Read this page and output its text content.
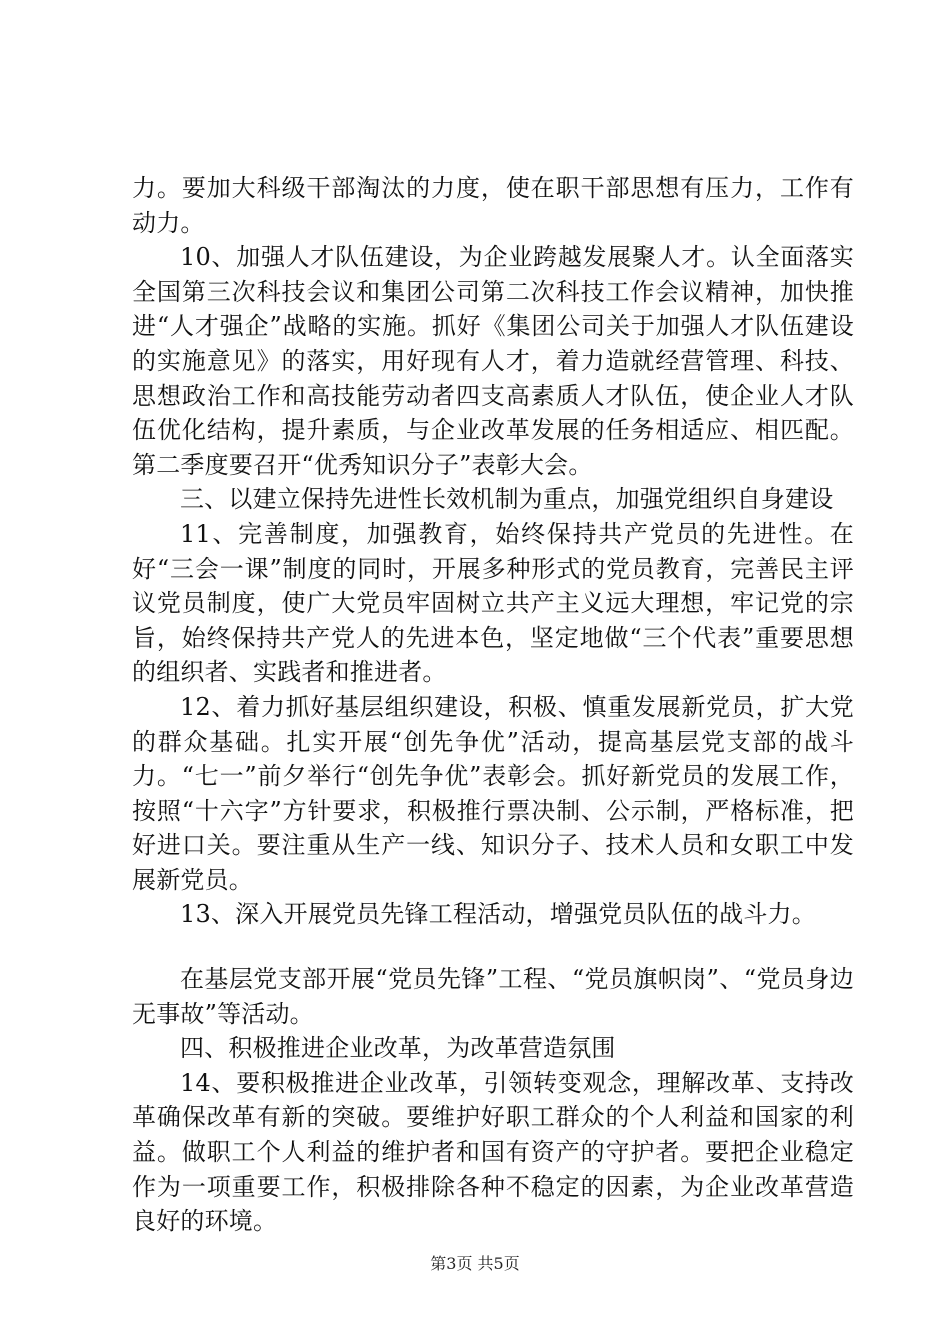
力。要加大科级干部淘汰的力度，使在职干部思想有压力，工作有动力。

10、加强人才队伍建设，为企业跨越发展聚人才。认全面落实全国第三次科技会议和集团公司第二次科技工作会议精神，加快推进“人才强企”战略的实施。抓好《集团公司关于加强人才队伍建设的实施意见》的落实，用好现有人才，着力造就经营管理、科技、思想政治工作和高技能劳动者四支高素质人才队伍，使企业人才队伍优化结构，提升素质，与企业改革发展的任务相适应、相匹配。第二季度要召开“优秀知识分子”表彰大会。

三、以建立保持先进性长效机制为重点，加强党组织自身建设

11、完善制度，加强教育，始终保持共产党员的先进性。在好“三会一课”制度的同时，开展多种形式的党员教育，完善民主评议党员制度，使广大党员牢固树立共产主义远大理想，牢记党的宗旨，始终保持共产党人的先进本色，坚定地做“三个代表”重要思想的组织者、实践者和推进者。

12、着力抓好基层组织建设，积极、慎重发展新党员，扩大党的群众基础。扎实开展“创先争优”活动，提高基层党支部的战斗力。“七一”前夕举行“创先争优”表彰会。抓好新党员的发展工作，按照“十六字”方针要求，积极推行票决制、公示制，严格标准，把好进口关。要注重从生产一线、知识分子、技术人员和女职工中发展新党员。

13、深入开展党员先锋工程活动，增强党员队伍的战斗力。

在基层党支部开展“党员先锋”工程、“党员旗帜岗”、“党员身边无事故”等活动。

四、积极推进企业改革，为改革营造氛围

14、要积极推进企业改革，引领转变观念，理解改革、支持改革确保改革有新的突破。要维护好职工群众的个人利益和国家的利益。做职工个人利益的维护者和国有资产的守护者。要把企业稳定作为一项重要工作，积极排除各种不稳定的因素，为企业改革营造良好的环境。

第3页 共5页
